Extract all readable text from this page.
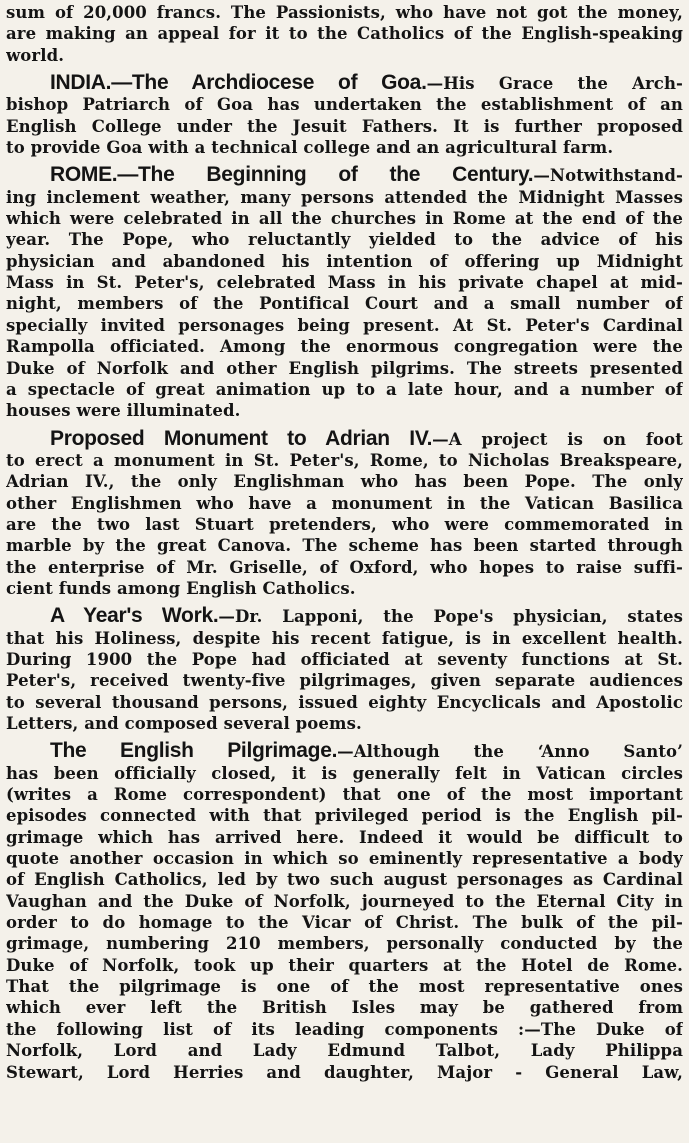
sum of 20,000 francs. The Passionists, who have not got the money,
are making an appeal for it to the Catholics of the English-speaking
world.
INDIA.—The Archdiocese of Goa.—His Grace the Arch-
bishop Patriarch of Goa has undertaken the establishment of an
English College under the Jesuit Fathers. It is further proposed
to provide Goa with a technical college and an agricultural farm.
ROME.—The Beginning of the Century.—Notwithstand-
ing inclement weather, many persons attended the Midnight Masses
which were celebrated in all the churches in Rome at the end of the
year. The Pope, who reluctantly yielded to the advice of his
physician and abandoned his intention of offering up Midnight
Mass in St. Peter's, celebrated Mass in his private chapel at mid-
night, members of the Pontifical Court and a small number of
specially invited personages being present. At St. Peter's Cardinal
Rampolla officiated. Among the enormous congregation were the
Duke of Norfolk and other English pilgrims. The streets presented
a spectacle of great animation up to a late hour, and a number of
houses were illuminated.
Proposed Monument to Adrian IV.—A project is on foot
to erect a monument in St. Peter's, Rome, to Nicholas Breakspeare,
Adrian IV., the only Englishman who has been Pope. The only
other Englishmen who have a monument in the Vatican Basilica
are the two last Stuart pretenders, who were commemorated in
marble by the great Canova. The scheme has been started through
the enterprise of Mr. Griselle, of Oxford, who hopes to raise suffi-
cient funds among English Catholics.
A Year's Work.—Dr. Lapponi, the Pope's physician, states
that his Holiness, despite his recent fatigue, is in excellent health.
During 1900 the Pope had officiated at seventy functions at St.
Peter's, received twenty-five pilgrimages, given separate audiences
to several thousand persons, issued eighty Encyclicals and Apostolic
Letters, and composed several poems.
The English Pilgrimage.—Although the ‘Anno Santo’
has been officially closed, it is generally felt in Vatican circles
(writes a Rome correspondent) that one of the most important
episodes connected with that privileged period is the English pil-
grimage which has arrived here. Indeed it would be difficult to
quote another occasion in which so eminently representative a body
of English Catholics, led by two such august personages as Cardinal
Vaughan and the Duke of Norfolk, journeyed to the Eternal City in
order to do homage to the Vicar of Christ. The bulk of the pil-
grimage, numbering 210 members, personally conducted by the
Duke of Norfolk, took up their quarters at the Hotel de Rome.
That the pilgrimage is one of the most representative ones
which ever left the British Isles may be gathered from
the following list of its leading components :—The Duke of
Norfolk, Lord and Lady Edmund Talbot, Lady Philippa
Stewart, Lord Herries and daughter, Major - General Law,
